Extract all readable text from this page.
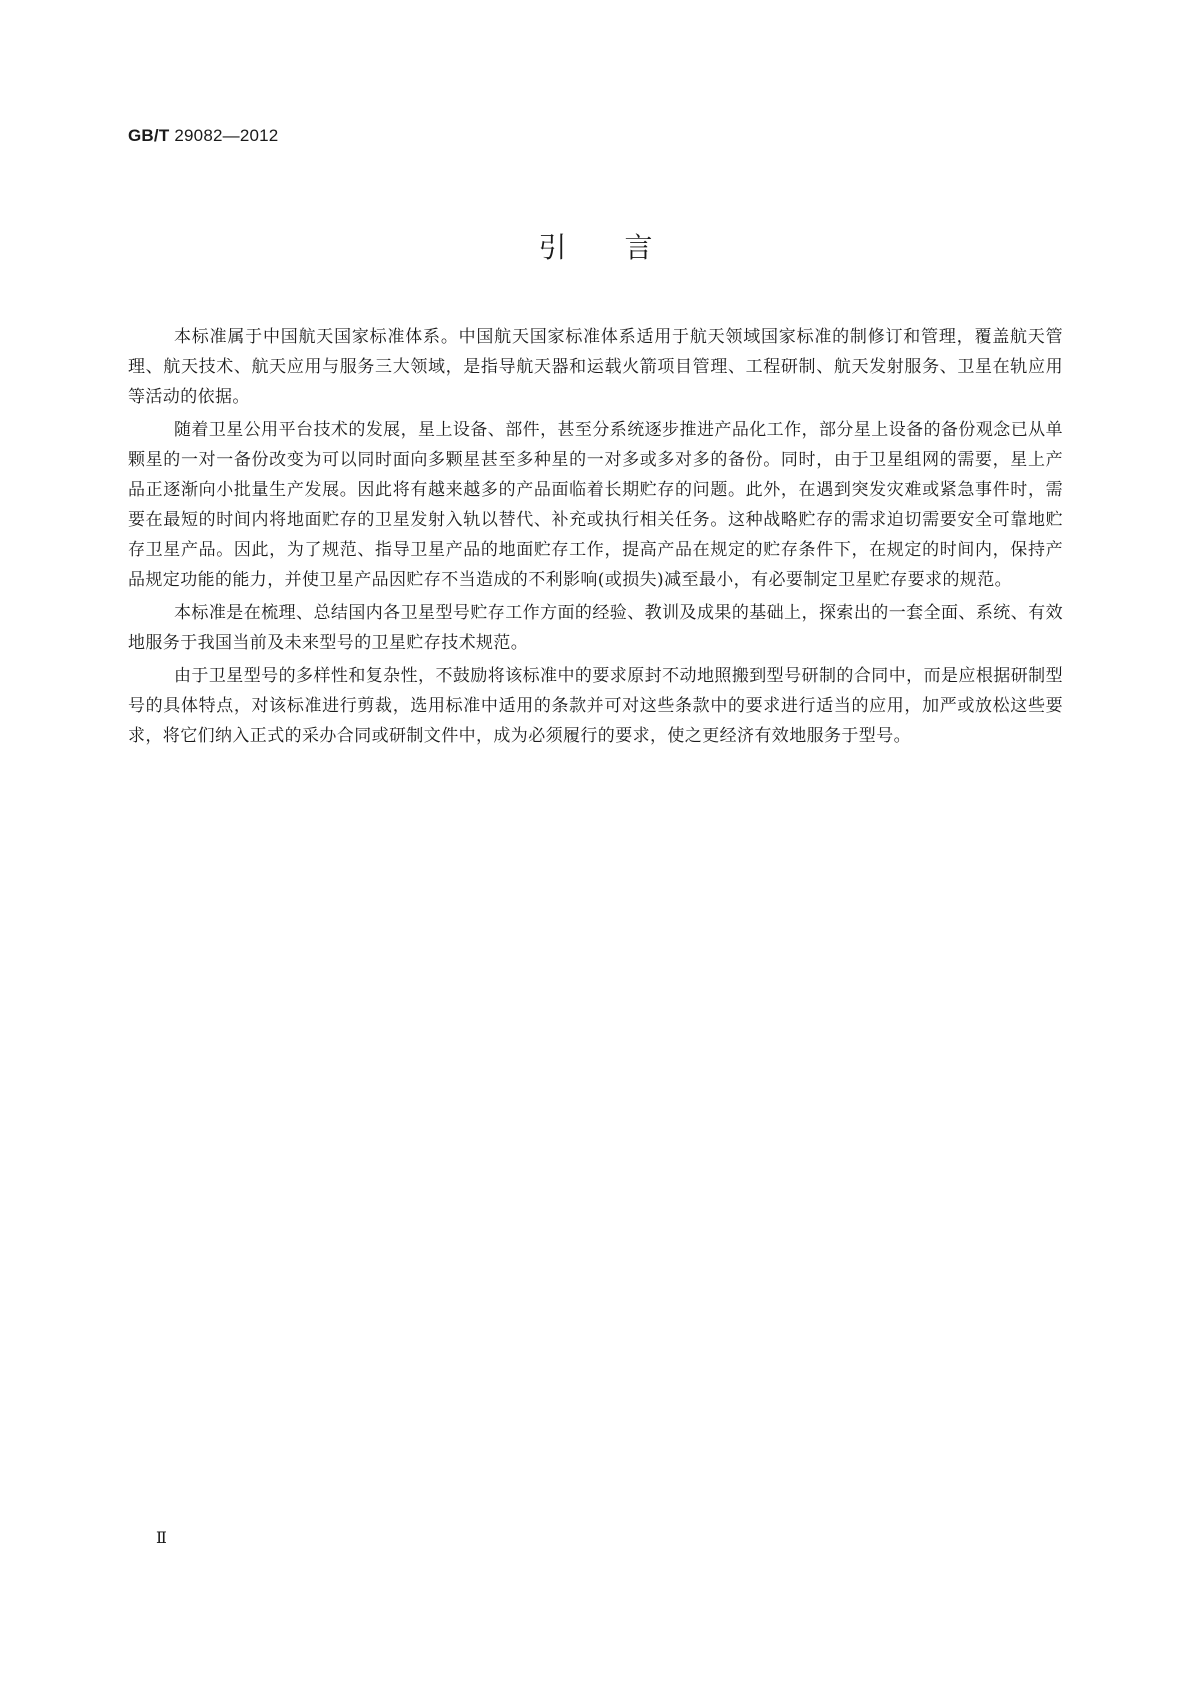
GB/T 29082—2012
引言

本标准属于中国航天国家标准体系。中国航天国家标准体系适用于航天领域国家标准的制修订和管理，覆盖航天管理、航天技术、航天应用与服务三大领域，是指导航天器和运载火箭项目管理、工程研制、航天发射服务、卫星在轨应用等活动的依据。

随着卫星公用平台技术的发展，星上设备、部件，甚至分系统逐步推进产品化工作，部分星上设备的备份观念已从单颗星的一对一备份改变为可以同时面向多颗星甚至多种星的一对多或多对多的备份。同时，由于卫星组网的需要，星上产品正逐渐向小批量生产发展。因此将有越来越多的产品面临着长期贮存的问题。此外，在遇到突发灾难或紧急事件时，需要在最短的时间内将地面贮存的卫星发射入轨以替代、补充或执行相关任务。这种战略贮存的需求迫切需要安全可靠地贮存卫星产品。因此，为了规范、指导卫星产品的地面贮存工作，提高产品在规定的贮存条件下，在规定的时间内，保持产品规定功能的能力，并使卫星产品因贮存不当造成的不利影响(或损失)减至最小，有必要制定卫星贮存要求的规范。

本标准是在梳理、总结国内各卫星型号贮存工作方面的经验、教训及成果的基础上，探索出的一套全面、系统、有效地服务于我国当前及未来型号的卫星贮存技术规范。

由于卫星型号的多样性和复杂性，不鼓励将该标准中的要求原封不动地照搬到型号研制的合同中，而是应根据研制型号的具体特点，对该标准进行剪裁，选用标准中适用的条款并可对这些条款中的要求进行适当的应用，加严或放松这些要求，将它们纳入正式的采办合同或研制文件中，成为必须履行的要求，使之更经济有效地服务于型号。

Ⅱ
